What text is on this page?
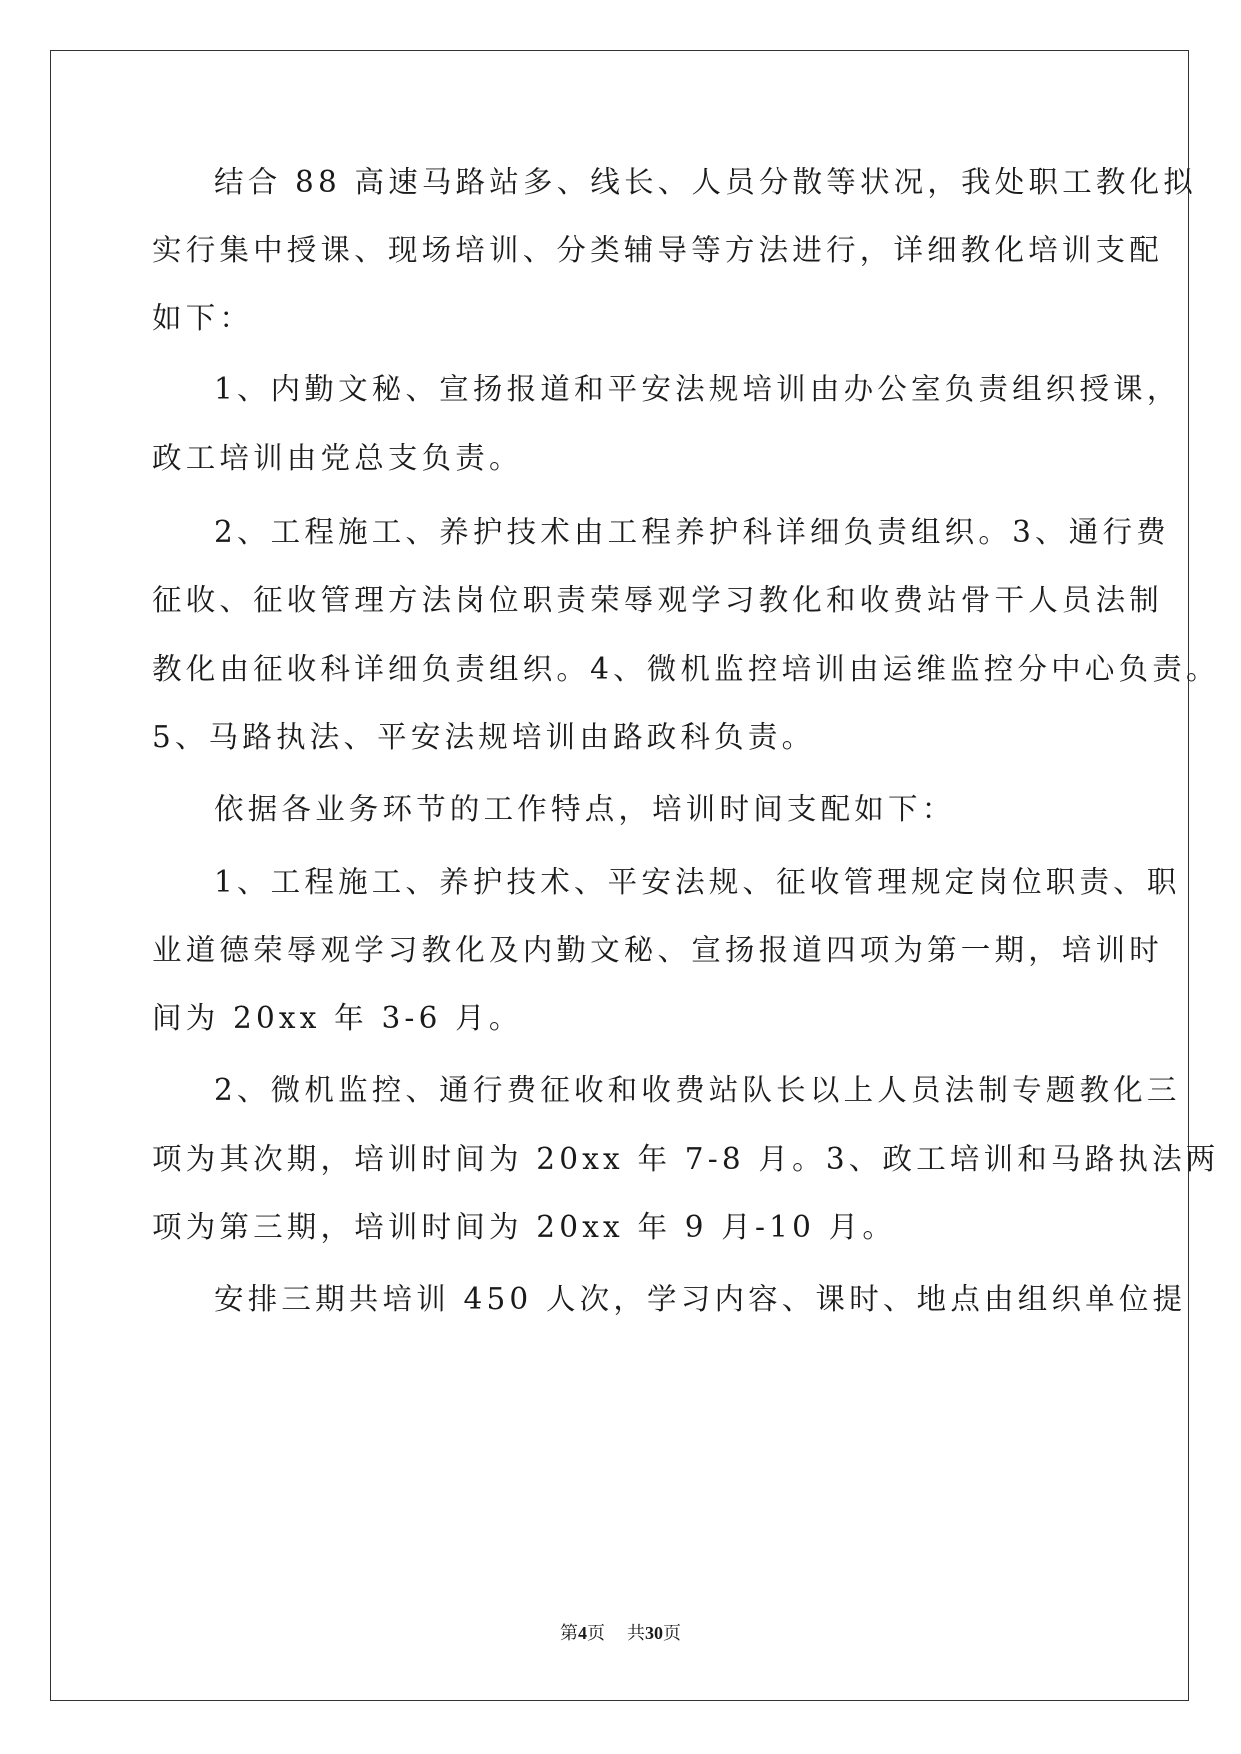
结合 88 高速马路站多、线长、人员分散等状况，我处职工教化拟
实行集中授课、现场培训、分类辅导等方法进行，详细教化培训支配
如下：
1、内勤文秘、宣扬报道和平安法规培训由办公室负责组织授课，
政工培训由党总支负责。
2、工程施工、养护技术由工程养护科详细负责组织。3、通行费
征收、征收管理方法岗位职责荣辱观学习教化和收费站骨干人员法制
教化由征收科详细负责组织。4、微机监控培训由运维监控分中心负责。
5、马路执法、平安法规培训由路政科负责。
依据各业务环节的工作特点，培训时间支配如下：
1、工程施工、养护技术、平安法规、征收管理规定岗位职责、职
业道德荣辱观学习教化及内勤文秘、宣扬报道四项为第一期，培训时
间为 20xx 年 3-6 月。
2、微机监控、通行费征收和收费站队长以上人员法制专题教化三
项为其次期，培训时间为 20xx 年 7-8 月。3、政工培训和马路执法两
项为第三期，培训时间为 20xx 年 9 月-10 月。
安排三期共培训 450 人次，学习内容、课时、地点由组织单位提
第4页 共30页
